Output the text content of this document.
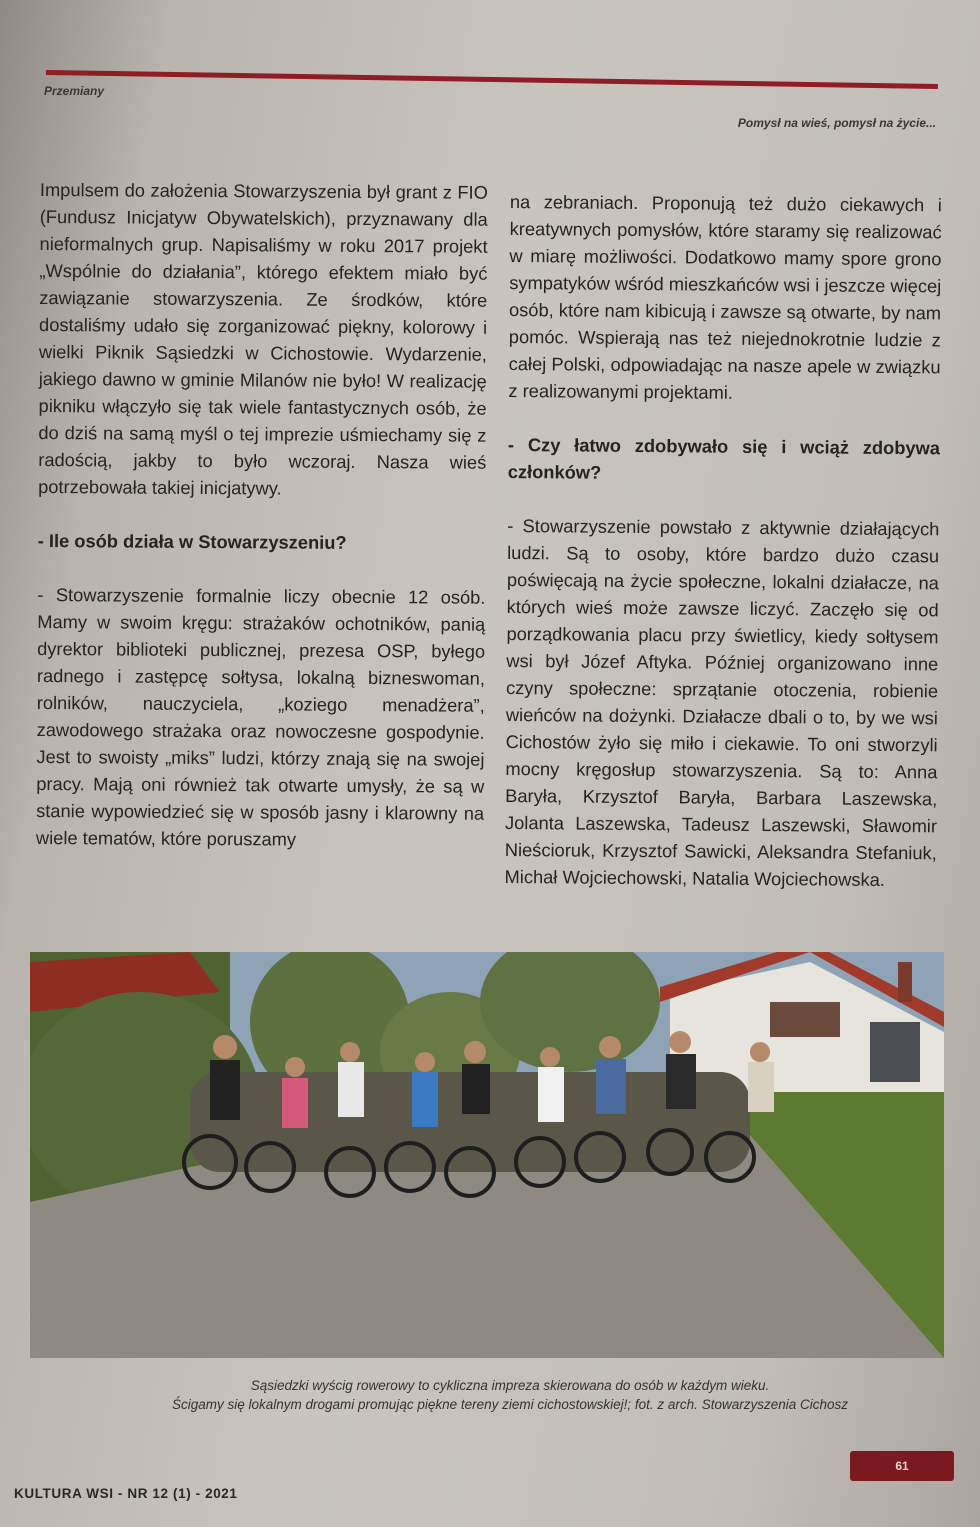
Przemiany
Pomysł na wieś, pomysł na życie...

Impulsem do założenia Stowarzyszenia był grant z FIO (Fundusz Inicjatyw Obywatelskich), przyznawany dla nieformalnych grup. Napisaliśmy w roku 2017 projekt „Wspólnie do działania”, którego efektem miało być zawiązanie stowarzyszenia. Ze środków, które dostaliśmy udało się zorganizować piękny, kolorowy i wielki Piknik Sąsiedzki w Cichostowie. Wydarzenie, jakiego dawno w gminie Milanów nie było! W realizację pikniku włączyło się tak wiele fantastycznych osób, że do dziś na samą myśl o tej imprezie uśmiechamy się z radością, jakby to było wczoraj. Nasza wieś potrzebowała takiej inicjatywy.

- Ile osób działa w Stowarzyszeniu?

- Stowarzyszenie formalnie liczy obecnie 12 osób. Mamy w swoim kręgu: strażaków ochotników, panią dyrektor biblioteki publicznej, prezesa OSP, byłego radnego i zastępcę sołtysa, lokalną bizneswoman, rolników, nauczyciela, „koziego menadżera”, zawodowego strażaka oraz nowoczesne gospodynie. Jest to swoisty „miks” ludzi, którzy znają się na swojej pracy. Mają oni również tak otwarte umysły, że są w stanie wypowiedzieć się w sposób jasny i klarowny na wiele tematów, które poruszamy

na zebraniach. Proponują też dużo ciekawych i kreatywnych pomysłów, które staramy się realizować w miarę możliwości. Dodatkowo mamy spore grono sympatyków wśród mieszkańców wsi i jeszcze więcej osób, które nam kibicują i zawsze są otwarte, by nam pomóc. Wspierają nas też niejednokrotnie ludzie z całej Polski, odpowiadając na nasze apele w związku z realizowanymi projektami.

- Czy łatwo zdobywało się i wciąż zdobywa członków?

- Stowarzyszenie powstało z aktywnie działających ludzi. Są to osoby, które bardzo dużo czasu poświęcają na życie społeczne, lokalni działacze, na których wieś może zawsze liczyć. Zaczęło się od porządkowania placu przy świetlicy, kiedy sołtysem wsi był Józef Aftyka. Później organizowano inne czyny społeczne: sprzątanie otoczenia, robienie wieńców na dożynki. Działacze dbali o to, by we wsi Cichostów żyło się miło i ciekawie. To oni stworzyli mocny kręgosłup stowarzyszenia. Są to: Anna Baryła, Krzysztof Baryła, Barbara Laszewska, Jolanta Laszewska, Tadeusz Laszewski, Sławomir Nieścioruk, Krzysztof Sawicki, Aleksandra Stefaniuk, Michał Wojciechowski, Natalia Wojciechowska.

Sąsiedzki wyścig rowerowy to cykliczna impreza skierowana do osób w każdym wieku.
Ścigamy się lokalnym drogami promując piękne tereny ziemi cichostowskiej!; fot. z arch. Stowarzyszenia Cichosz
61
KULTURA WSI - NR 12 (1) - 2021
